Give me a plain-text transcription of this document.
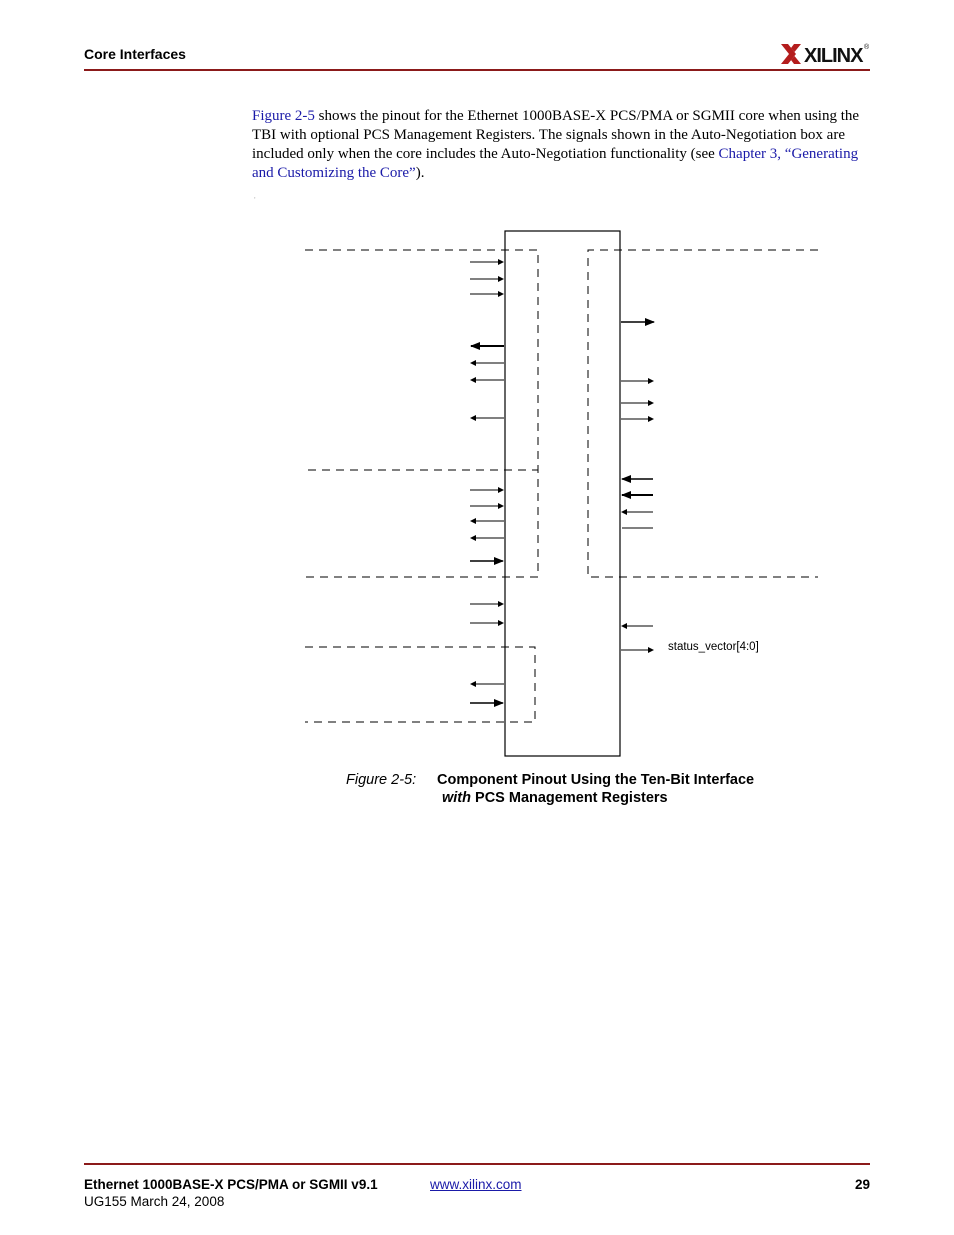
Core Interfaces	XILINX ®
Figure 2-5 shows the pinout for the Ethernet 1000BASE-X PCS/PMA or SGMII core when using the TBI with optional PCS Management Registers. The signals shown in the Auto-Negotiation box are included only when the core includes the Auto-Negotiation functionality (see Chapter 3, “Generating and Customizing the Core”).
,
status_vector[4:0]
Figure 2-5: Component Pinout Using the Ten-Bit Interface
with PCS Management Registers
Ethernet 1000BASE-X PCS/PMA or SGMII v9.1
UG155 March 24, 2008
www.xilinx.com	29
